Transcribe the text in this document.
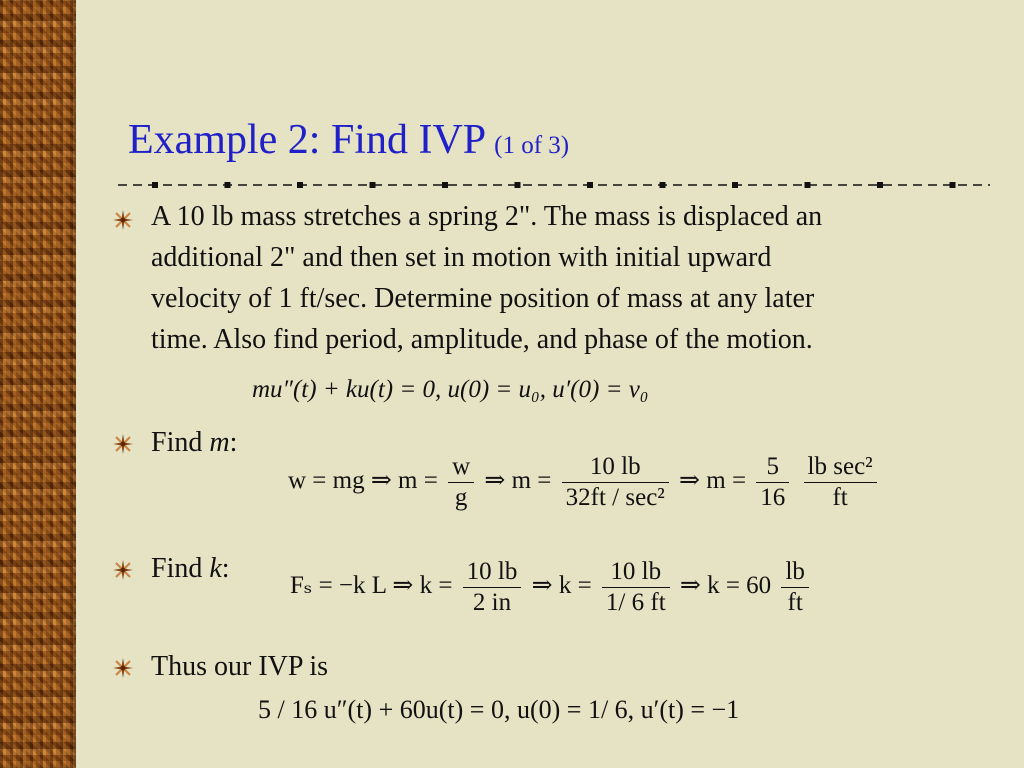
Example 2: Find IVP (1 of 3)
A 10 lb mass stretches a spring 2". The mass is displaced an
additional 2" and then set in motion with initial upward
velocity of 1 ft/sec. Determine position of mass at any later
time. Also find period, amplitude, and phase of the motion.
mu″(t) + ku(t) = 0, u(0) = u₀, u′(0) = v₀
Find m:
w = mg ⇒ $m = \frac{w}{g}$ ⇒ $m = \frac{10 lb}{\text{32ft / sec²}}$ ⇒ $m = \frac{5}{16}$
$\frac{\text{lb sec²}}{ft}$
Find k:
Fₛ = −k L ⇒ $k = \frac{10 lb}{2 in}$ ⇒ $k = \frac{10 lb}{1/ 6 ft}$ ⇒ $k = 60 \frac{lb}{ft}$
Thus our IVP is
5 / 16 u″(t) + 60u(t) = 0, u(0) = 1/ 6, u′(t) = −1
